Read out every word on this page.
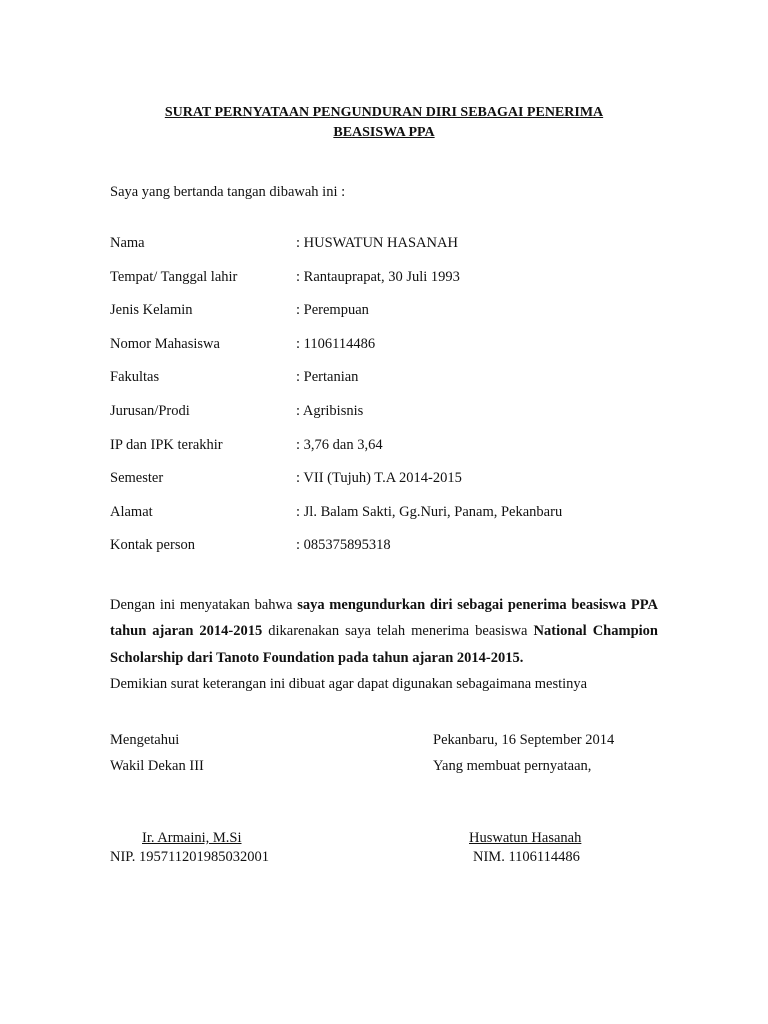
SURAT PERNYATAAN PENGUNDURAN DIRI SEBAGAI PENERIMA
BEASISWA PPA
Saya yang bertanda tangan dibawah ini :
Nama	: HUSWATUN HASANAH
Tempat/ Tanggal lahir	: Rantauprapat, 30 Juli 1993
Jenis Kelamin	: Perempuan
Nomor Mahasiswa	: 1106114486
Fakultas	: Pertanian
Jurusan/Prodi	: Agribisnis
IP dan IPK terakhir	: 3,76 dan 3,64
Semester	: VII (Tujuh) T.A 2014-2015
Alamat	: Jl. Balam Sakti, Gg.Nuri, Panam, Pekanbaru
Kontak person	: 085375895318
Dengan ini menyatakan bahwa saya mengundurkan diri sebagai penerima beasiswa PPA tahun ajaran 2014-2015 dikarenakan saya telah menerima beasiswa National Champion Scholarship dari Tanoto Foundation pada tahun ajaran 2014-2015.
Demikian surat keterangan ini dibuat agar dapat digunakan sebagaimana mestinya
Mengetahui
Wakil Dekan III
Ir. Armaini, M.Si
NIP. 195711201985032001
Pekanbaru, 16 September 2014
Yang membuat pernyataan,
Huswatun Hasanah
NIM. 1106114486
